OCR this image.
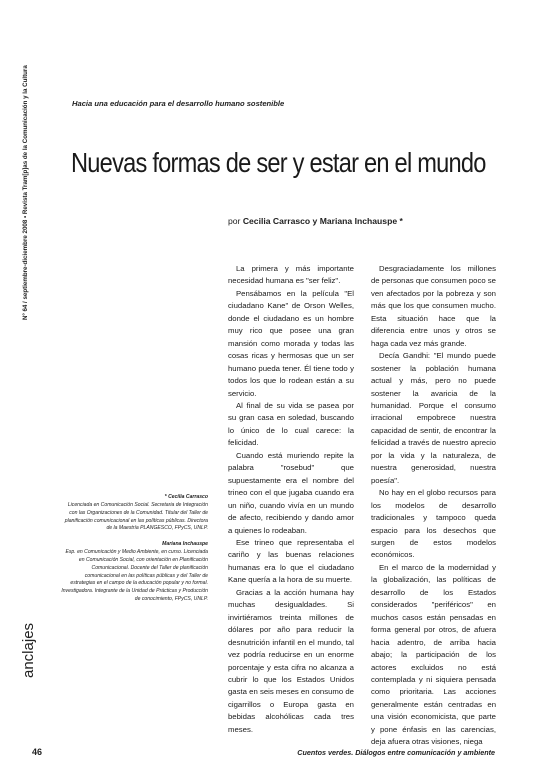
Nº 64 / septiembre-diciembre 2008 • Revista Tram[p]as de la Comunicación y la Cultura	Hacia una educación para el desarrollo humano sostenible
Nuevas formas de ser y estar en el mundo
por Cecilia Carrasco y Mariana Inchauspe *

La primera y más importante necesidad humana es "ser feliz".

Pensábamos en la película "El ciudadano Kane" de Orson Welles, donde el ciudadano es un hombre muy rico que posee una gran mansión como morada y todas las cosas ricas y hermosas que un ser humano pueda tener. Él tiene todo y todos los que lo rodean están a su servicio.

Al final de su vida se pasea por su gran casa en soledad, buscando lo único de lo cual carece: la felicidad.

Cuando está muriendo repite la palabra "rosebud" que supuestamente era el nombre del trineo con el que jugaba cuando era un niño, cuando vivía en un mundo de afecto, recibiendo y dando amor a quienes lo rodeaban.

Ese trineo que representaba el cariño y las buenas relaciones humanas era lo que el ciudadano Kane quería a la hora de su muerte.

Gracias a la acción humana hay muchas desigualdades. Si invirtiéramos treinta millones de dólares por año para reducir la desnutrición infantil en el mundo, tal vez podría reducirse en un enorme porcentaje y esta cifra no alcanza a cubrir lo que los Estados Unidos gasta en seis meses en consumo de cigarrillos o Europa gasta en bebidas alcohólicas cada tres meses.

Desgraciadamente los millones de personas que consumen poco se ven afectados por la pobreza y son más que los que consumen mucho. Esta situación hace que la diferencia entre unos y otros se haga cada vez más grande.

Decía Gandhi: "El mundo puede sostener la población humana actual y más, pero no puede sostener la avaricia de la humanidad. Porque el consumo irracional empobrece nuestra capacidad de sentir, de encontrar la felicidad a través de nuestro aprecio por la vida y la naturaleza, de nuestra generosidad, nuestra poesía".

No hay en el globo recursos para los modelos de desarrollo tradicionales y tampoco queda espacio para los desechos que surgen de estos modelos económicos.

En el marco de la modernidad y la globalización, las políticas de desarrollo de los Estados considerados "periféricos" en muchos casos están pensadas en forma general por otros, de afuera hacia adentro, de arriba hacia abajo; la participación de los actores excluidos no está contemplada y ni siquiera pensada como prioritaria. Las acciones generalmente están centradas en una visión economicista, que parte y pone énfasis en las carencias, deja afuera otras visiones, niega

* Cecilia Carrasco
Licenciada en Comunicación Social. Secretaria de Integración con las Organizaciones de la Comunidad. Titular del Taller de planificación comunicacional en las políticas públicas. Directora de la Maestría PLANGESCO, FPyCS, UNLP.
Mariana Inchauspe
Esp. en Comunicación y Medio Ambiente, en curso. Licenciada en Comunicación Social, con orientación en Planificación Comunicacional. Docente del Taller de planificación comunicacional en las políticas públicas y del Taller de estrategias en el campo de la educación popular y no formal. Investigadora. Integrante de la Unidad de Prácticas y Producción de conocimiento, FPyCS, UNLP.
anclajes
46	Cuentos verdes. Diálogos entre comunicación y ambiente
